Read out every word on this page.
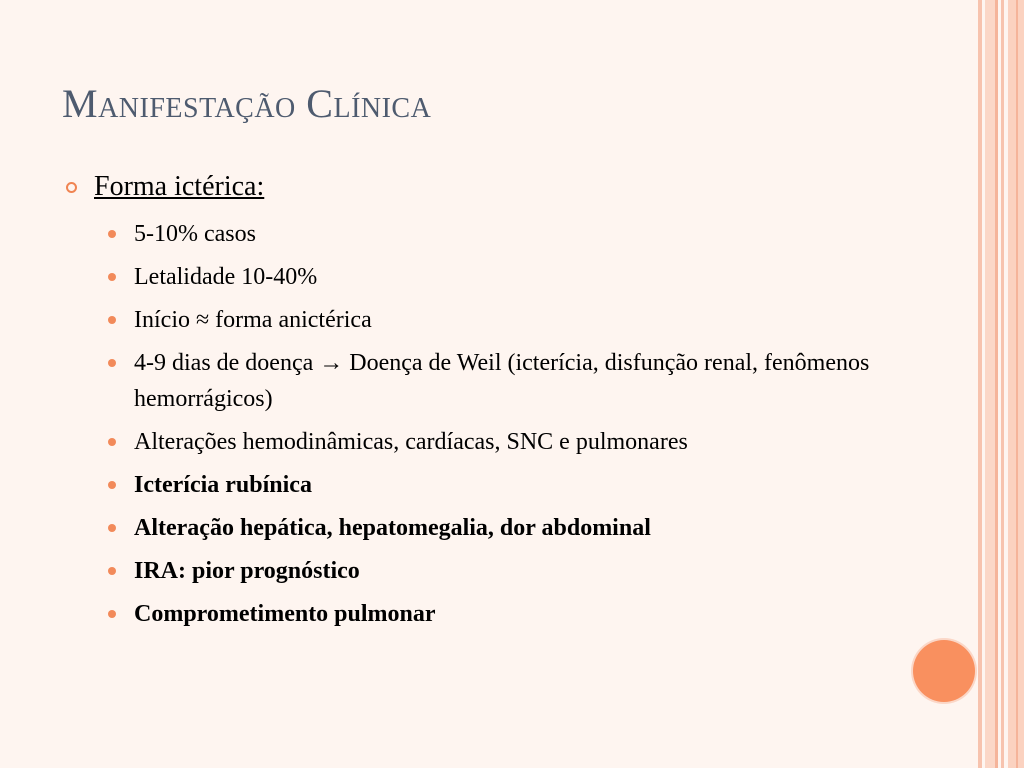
Manifestação Clínica
Forma ictérica:
5-10% casos
Letalidade 10-40%
Início ≈ forma anictérica
4-9 dias de doença → Doença de Weil (icterícia, disfunção renal, fenômenos hemorrágicos)
Alterações hemodinâmicas, cardíacas, SNC e pulmonares
Icterícia rubínica
Alteração hepática, hepatomegalia, dor abdominal
IRA: pior prognóstico
Comprometimento pulmonar
